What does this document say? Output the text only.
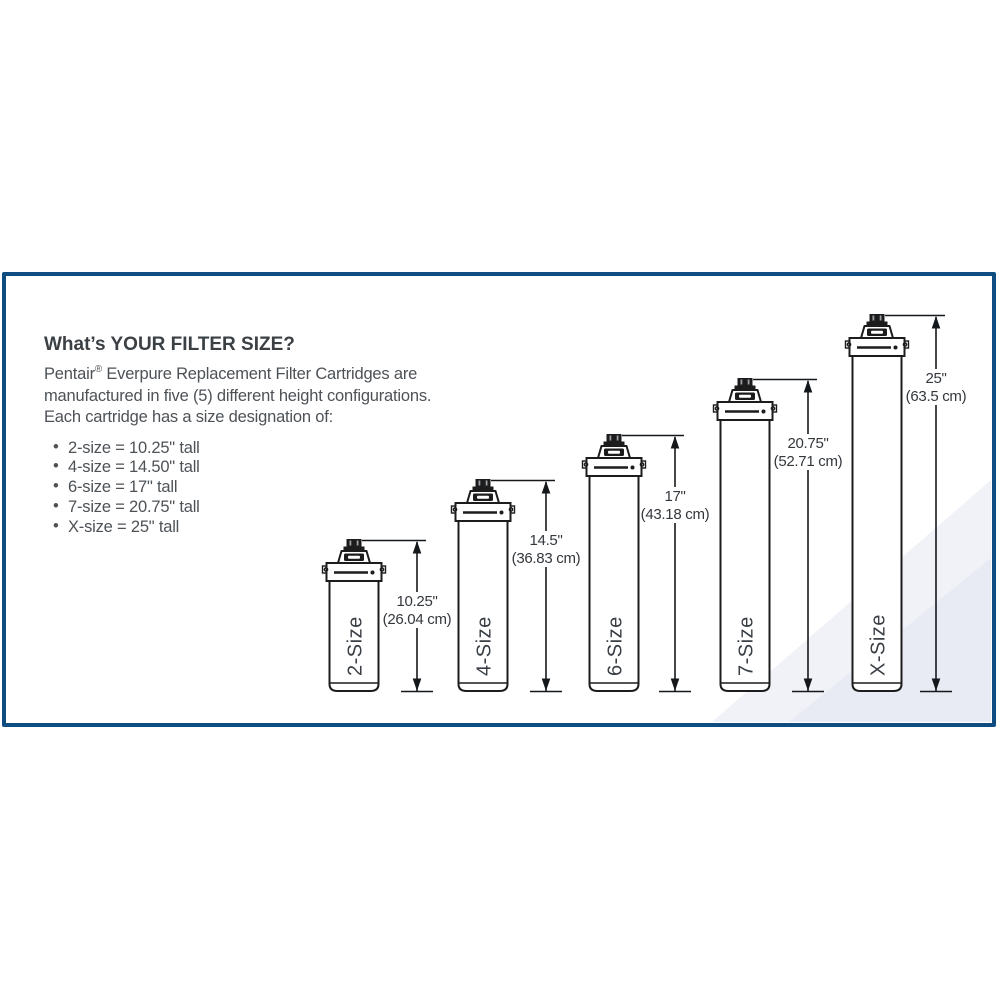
10.25"
(26.04 cm)
2-Size
14.5"
(36.83 cm)
4-Size
17"
(43.18 cm)
6-Size
20.75"
(52.71 cm)
7-Size
25"
(63.5 cm)
X-Size
What’s YOUR FILTER SIZE?

Pentair® Everpure Replacement Filter Cartridges are
manufactured in five (5) different height configurations.
Each cartridge has a size designation of:

• 2-size = 10.25" tall
• 4-size = 14.50" tall
• 6-size = 17" tall
• 7-size = 20.75" tall
• X-size = 25" tall
